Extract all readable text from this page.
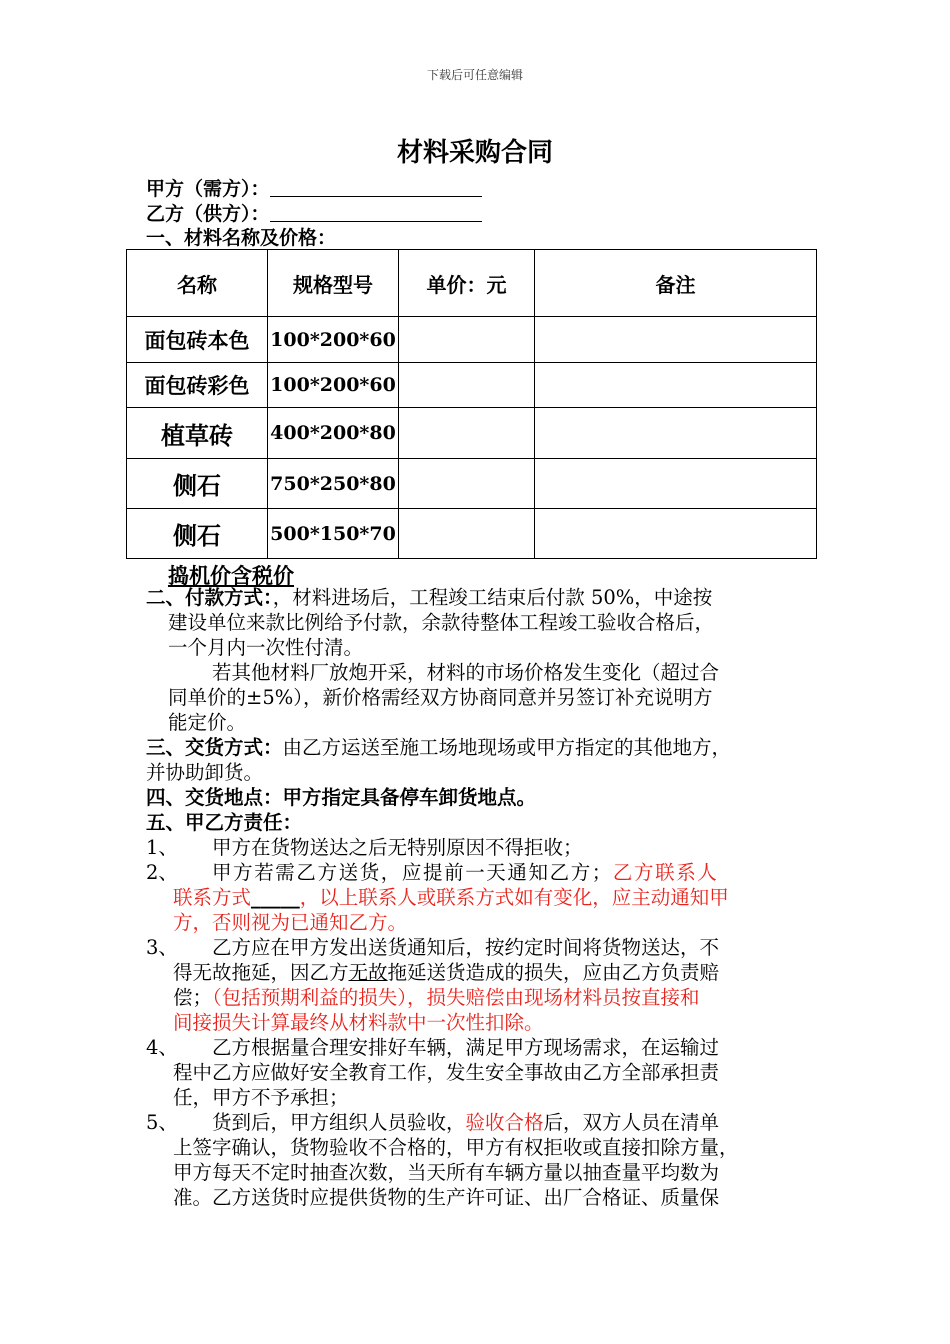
下载后可任意编辑
材料采购合同
甲方（需方）：
乙方（供方）：
一、材料名称及价格：
名称	规格型号	单价：元	备注
面包砖本色	100*200*60		
面包砖彩色	100*200*60		
植草砖	400*200*80		
侧石	750*250*80		
侧石	500*150*70		
捣机价含税价
二、付款方式：，材料进场后，工程竣工结束后付款 50%，中途按
建设单位来款比例给予付款，余款待整体工程竣工验收合格后，
一个月内一次性付清。
若其他材料厂放炮开采，材料的市场价格发生变化（超过合
同单价的±5%），新价格需经双方协商同意并另签订补充说明方
能定价。
三、交货方式：由乙方运送至施工场地现场或甲方指定的其他地方，
并协助卸货。
四、交货地点：甲方指定具备停车卸货地点。
五、甲乙方责任：
1、 甲方在货物送达之后无特别原因不得拒收；
2、 甲方若需乙方送货，应提前一天通知乙方；乙方联系人
联系方式_____，以上联系人或联系方式如有变化，应主动通知甲
方，否则视为已通知乙方。
3、 乙方应在甲方发出送货通知后，按约定时间将货物送达，不
得无故拖延，因乙方无故拖延送货造成的损失，应由乙方负责赔
偿；（包括预期利益的损失），损失赔偿由现场材料员按直接和
间接损失计算最终从材料款中一次性扣除。
4、 乙方根据量合理安排好车辆，满足甲方现场需求，在运输过
程中乙方应做好安全教育工作，发生安全事故由乙方全部承担责
任，甲方不予承担；
5、 货到后，甲方组织人员验收，验收合格后，双方人员在清单
上签字确认，货物验收不合格的，甲方有权拒收或直接扣除方量，
甲方每天不定时抽查次数，当天所有车辆方量以抽查量平均数为
准。乙方送货时应提供货物的生产许可证、出厂合格证、质量保
